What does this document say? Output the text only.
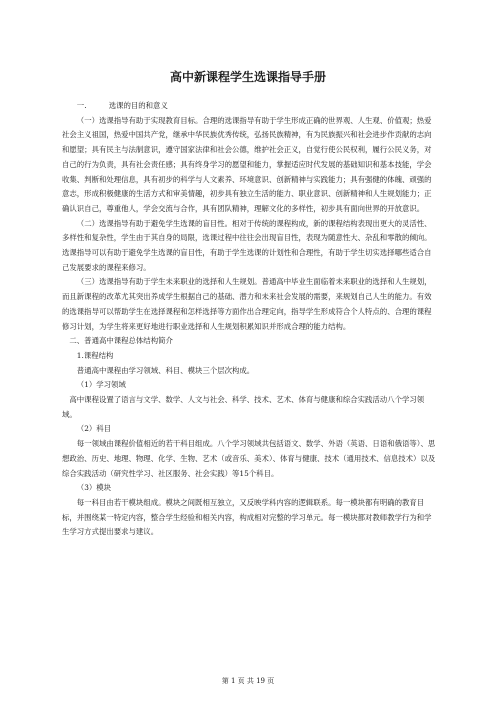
高中新课程学生选课指导手册

一.　　　选课的目的和意义

（一）选课指导有助于实现教育目标。合理的选课指导有助于学生形成正确的世界观、人生观、价值观；热爱社会主义祖国，热爱中国共产党，继承中华民族优秀传统，弘扬民族精神，有为民族振兴和社会进步作贡献的志向和愿望；具有民主与法制意识，遵守国家法律和社会公德，维护社会正义，自觉行使公民权利，履行公民义务，对自己的行为负责，具有社会责任感；具有终身学习的愿望和能力，掌握适应时代发展的基础知识和基本技能，学会收集、判断和处理信息，具有初步的科学与人文素养、环境意识、创新精神与实践能力；具有强健的体魄、顽强的意志，形成积极健康的生活方式和审美情趣，初步具有独立生活的能力、职业意识、创新精神和人生规划能力；正确认识自己，尊重他人，学会交流与合作，具有团队精神，理解文化的多样性，初步具有面向世界的开放意识。

（二）选课指导有助于避免学生选课的盲目性。相对于传统的课程构成，新的课程结构表现出更大的灵活性、多样性和复杂性，学生由于其自身的局限，选课过程中往往会出现盲目性，表现为随意性大、杂乱和零散的倾向。选课指导可以有助于避免学生选课的盲目性，有助于学生选课的计划性和合理性，有助于学生切实选择哪些适合自己发展要求的课程来修习。

（三）选课指导有助于学生未来职业的选择和人生规划。普通高中毕业生面临着未来职业的选择和人生规划，而且新课程的改革尤其突出养成学生根据自己的基础、潜力和未来社会发展的需要，来规划自己人生的能力。有效的选课指导可以帮助学生在选择课程和怎样选择等方面作出合理定向，指导学生形成符合个人特点的、合理的课程修习计划，为学生将来更好地进行职业选择和人生规划积累知识并形成合理的能力结构。

二、普通高中课程总体结构简介

1.课程结构

普通高中课程由学习领域、科目、模块三个层次构成。

（1）学习领域

高中课程设置了语言与文学、数学、人文与社会、科学、技术、艺术、体育与健康和综合实践活动八个学习领域。

（2）科目

每一领域由课程价值相近的若干科目组成。八个学习领域共包括语文、数学、外语（英语、日语和俄语等）、思想政治、历史、地理、物理、化学、生物、艺术（或音乐、美术）、体育与健康、技术（通用技术、信息技术）以及综合实践活动（研究性学习、社区服务、社会实践）等15个科目。

（3）模块

每一科目由若干模块组成。模块之间既相互独立，又反映学科内容的逻辑联系。每一模块都有明确的教育目标，并围绕某一特定内容，整合学生经验和相关内容，构成相对完整的学习单元。每一模块都对教师教学行为和学生学习方式提出要求与建议。

第 1 页 共 19 页
